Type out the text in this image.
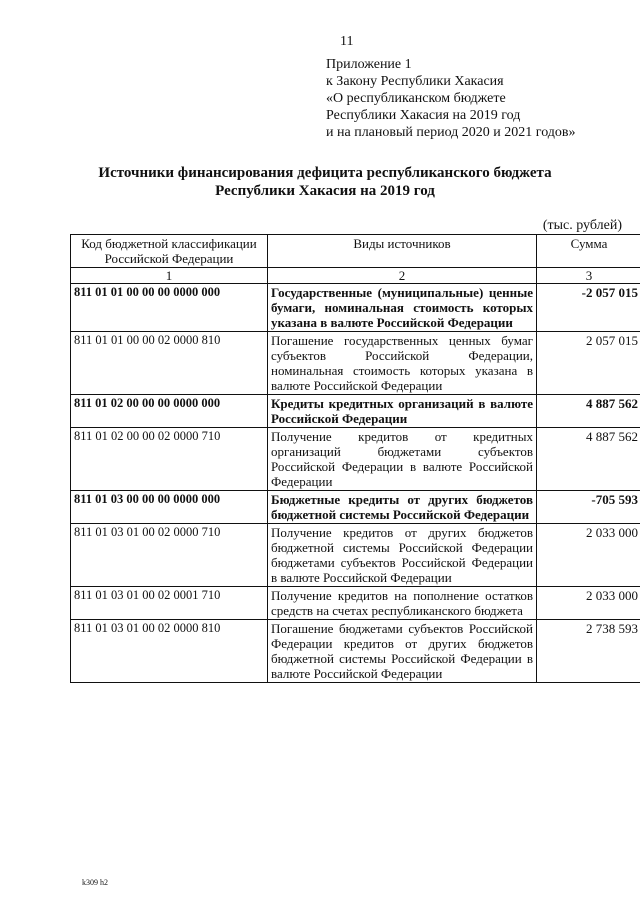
11
Приложение 1
к Закону Республики Хакасия
«О республиканском бюджете
Республики Хакасия на 2019 год
и на плановый период 2020 и 2021 годов»
Источники финансирования дефицита республиканского бюджета
Республики Хакасия на 2019 год
(тыс. рублей)
Код бюджетной классификации Российской Федерации	Виды источников	Сумма
1	2	3
811 01 01 00 00 00 0000 000	Государственные (муниципальные) ценные бумаги, номинальная стоимость которых указана в валюте Российской Федерации	-2 057 015
811 01 01 00 00 02 0000 810	Погашение государственных ценных бумаг субъектов Российской Федерации, номинальная стоимость которых указана в валюте Российской Федерации	2 057 015
811 01 02 00 00 00 0000 000	Кредиты кредитных организаций в валюте Российской Федерации	4 887 562
811 01 02 00 00 02 0000 710	Получение кредитов от кредитных организаций бюджетами субъектов Российской Федерации в валюте Российской Федерации	4 887 562
811 01 03 00 00 00 0000 000	Бюджетные кредиты от других бюджетов бюджетной системы Российской Федерации	-705 593
811 01 03 01 00 02 0000 710	Получение кредитов от других бюджетов бюджетной системы Российской Федерации бюджетами субъектов Российской Федерации в валюте Российской Федерации	2 033 000
811 01 03 01 00 02 0001 710	Получение кредитов на пополнение остатков средств на счетах республиканского бюджета	2 033 000
811 01 03 01 00 02 0000 810	Погашение бюджетами субъектов Российской Федерации кредитов от других бюджетов бюджетной системы Российской Федерации в валюте Российской Федерации	2 738 593
k309 h2
